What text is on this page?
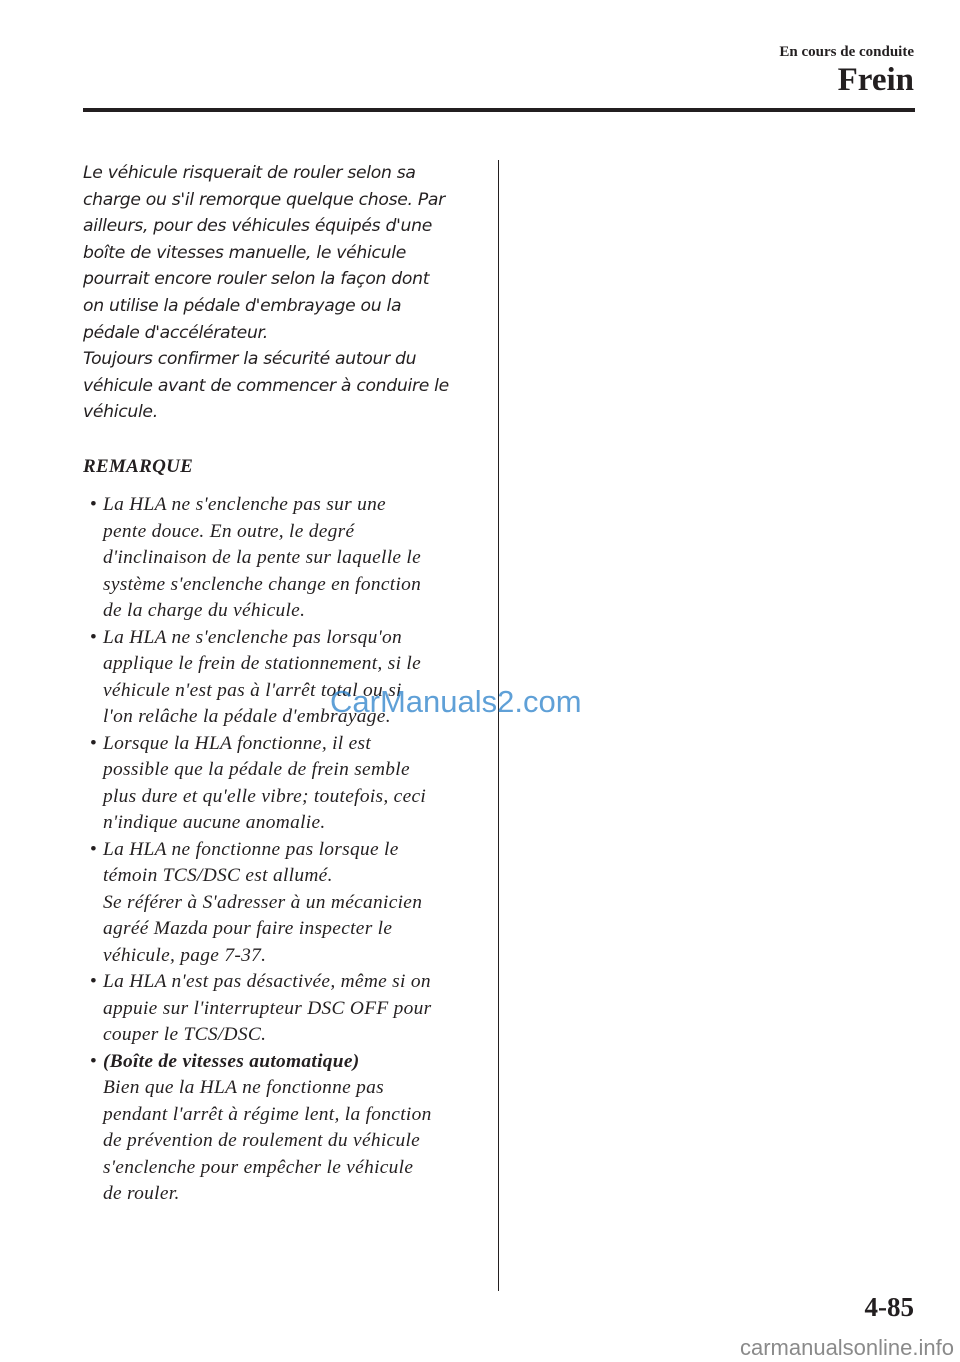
En cours de conduite
Frein

Le véhicule risquerait de rouler selon sa
charge ou s'il remorque quelque chose. Par
ailleurs, pour des véhicules équipés d'une
boîte de vitesses manuelle, le véhicule
pourrait encore rouler selon la façon dont
on utilise la pédale d'embrayage ou la
pédale d'accélérateur.
Toujours confirmer la sécurité autour du
véhicule avant de commencer à conduire le
véhicule.

REMARQUE
• La HLA ne s'enclenche pas sur une
pente douce. En outre, le degré
d'inclinaison de la pente sur laquelle le
système s'enclenche change en fonction
de la charge du véhicule.
• La HLA ne s'enclenche pas lorsqu'on
applique le frein de stationnement, si le
véhicule n'est pas à l'arrêt total ou si
l'on relâche la pédale d'embrayage.
• Lorsque la HLA fonctionne, il est
possible que la pédale de frein semble
plus dure et qu'elle vibre; toutefois, ceci
n'indique aucune anomalie.
• La HLA ne fonctionne pas lorsque le
témoin TCS/DSC est allumé.
Se référer à S'adresser à un mécanicien
agréé Mazda pour faire inspecter le
véhicule, page 7-37.
• La HLA n'est pas désactivée, même si on
appuie sur l'interrupteur DSC OFF pour
couper le TCS/DSC.
• (Boîte de vitesses automatique)
Bien que la HLA ne fonctionne pas
pendant l'arrêt à régime lent, la fonction
de prévention de roulement du véhicule
s'enclenche pour empêcher le véhicule
de rouler.
CarManuals2.com
4-85
carmanualsonline.info
